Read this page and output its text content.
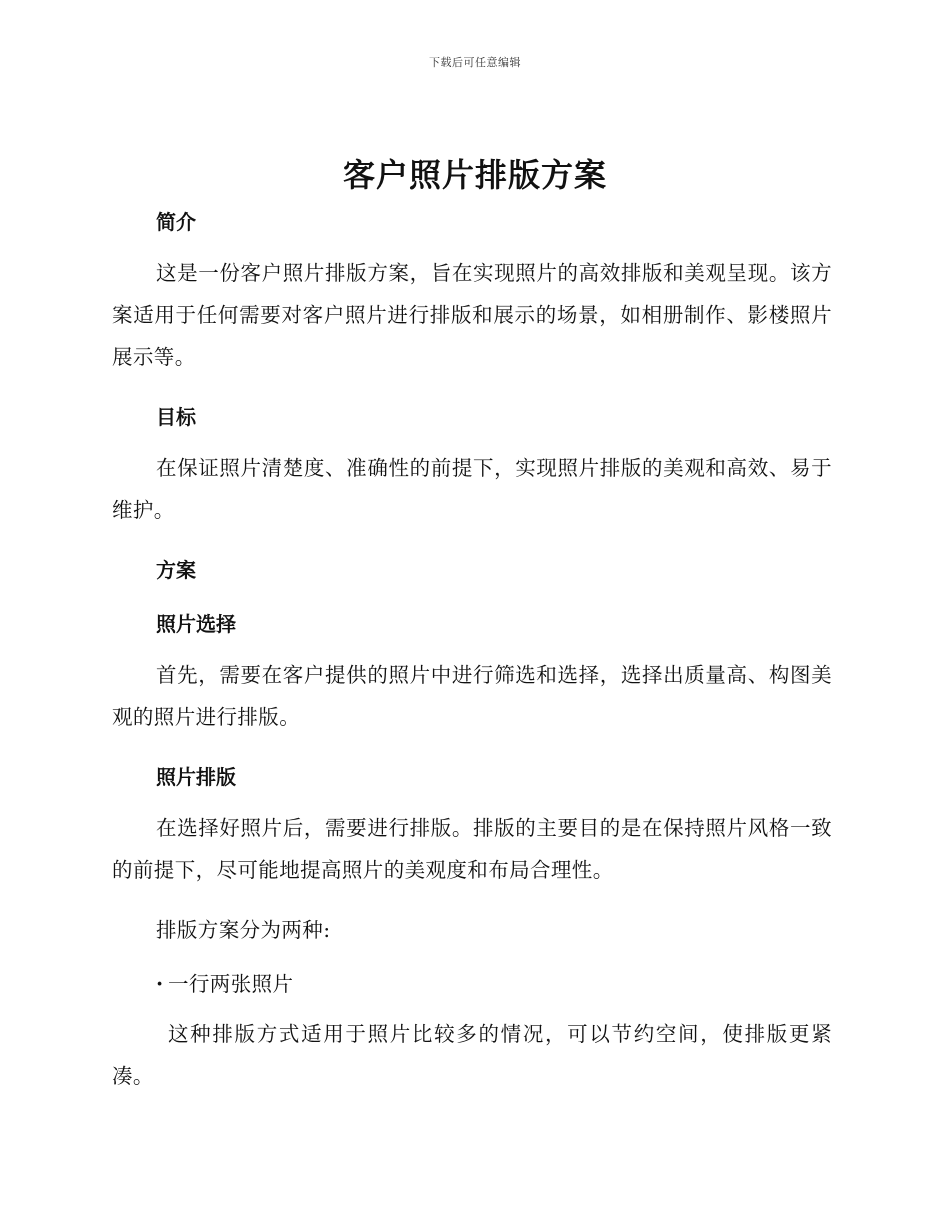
下载后可任意编辑
客户照片排版方案
简介

这是一份客户照片排版方案，旨在实现照片的高效排版和美观呈现。该方案适用于任何需要对客户照片进行排版和展示的场景，如相册制作、影楼照片展示等。

目标

在保证照片清楚度、准确性的前提下，实现照片排版的美观和高效、易于维护。

方案
照片选择

首先，需要在客户提供的照片中进行筛选和选择，选择出质量高、构图美观的照片进行排版。

照片排版

在选择好照片后，需要进行排版。排版的主要目的是在保持照片风格一致的前提下，尽可能地提高照片的美观度和布局合理性。

排版方案分为两种:

· 一行两张照片

这种排版方式适用于照片比较多的情况，可以节约空间，使排版更紧凑。
